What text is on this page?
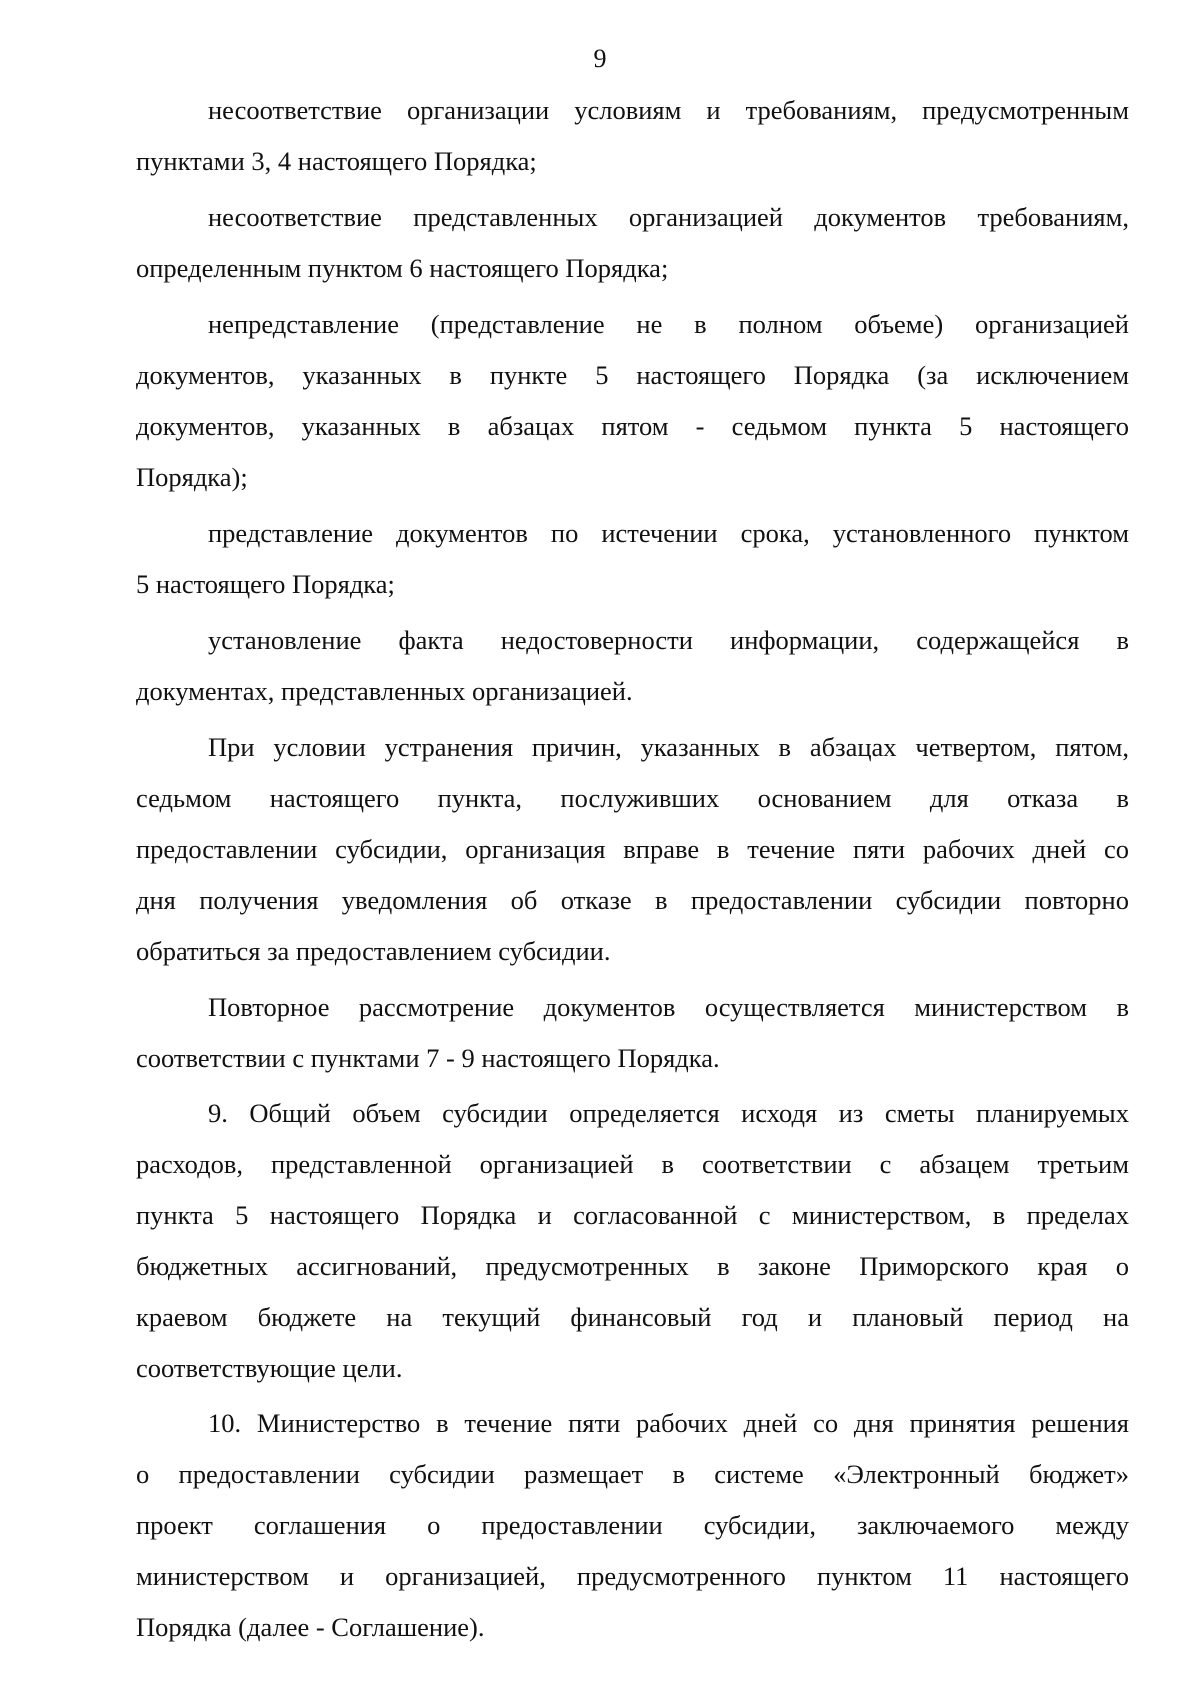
9
несоответствие организации условиям и требованиям, предусмотренным
пунктами 3, 4 настоящего Порядка;
несоответствие представленных организацией документов требованиям,
определенным пунктом 6 настоящего Порядка;
непредставление (представление не в полном объеме) организацией
документов, указанных в пункте 5 настоящего Порядка (за исключением
документов, указанных в абзацах пятом - седьмом пункта 5 настоящего
Порядка);
представление документов по истечении срока, установленного пунктом
5 настоящего Порядка;
установление факта недостоверности информации, содержащейся в
документах, представленных организацией.
При условии устранения причин, указанных в абзацах четвертом, пятом,
седьмом настоящего пункта, послуживших основанием для отказа в
предоставлении субсидии, организация вправе в течение пяти рабочих дней со
дня получения уведомления об отказе в предоставлении субсидии повторно
обратиться за предоставлением субсидии.
Повторное рассмотрение документов осуществляется министерством в
соответствии с пунктами 7 - 9 настоящего Порядка.
9. Общий объем субсидии определяется исходя из сметы планируемых
расходов, представленной организацией в соответствии с абзацем третьим
пункта 5 настоящего Порядка и согласованной с министерством, в пределах
бюджетных ассигнований, предусмотренных в законе Приморского края о
краевом бюджете на текущий финансовый год и плановый период на
соответствующие цели.
10. Министерство в течение пяти рабочих дней со дня принятия решения
о предоставлении субсидии размещает в системе «Электронный бюджет»
проект соглашения о предоставлении субсидии, заключаемого между
министерством и организацией, предусмотренного пунктом 11 настоящего
Порядка (далее - Соглашение).
